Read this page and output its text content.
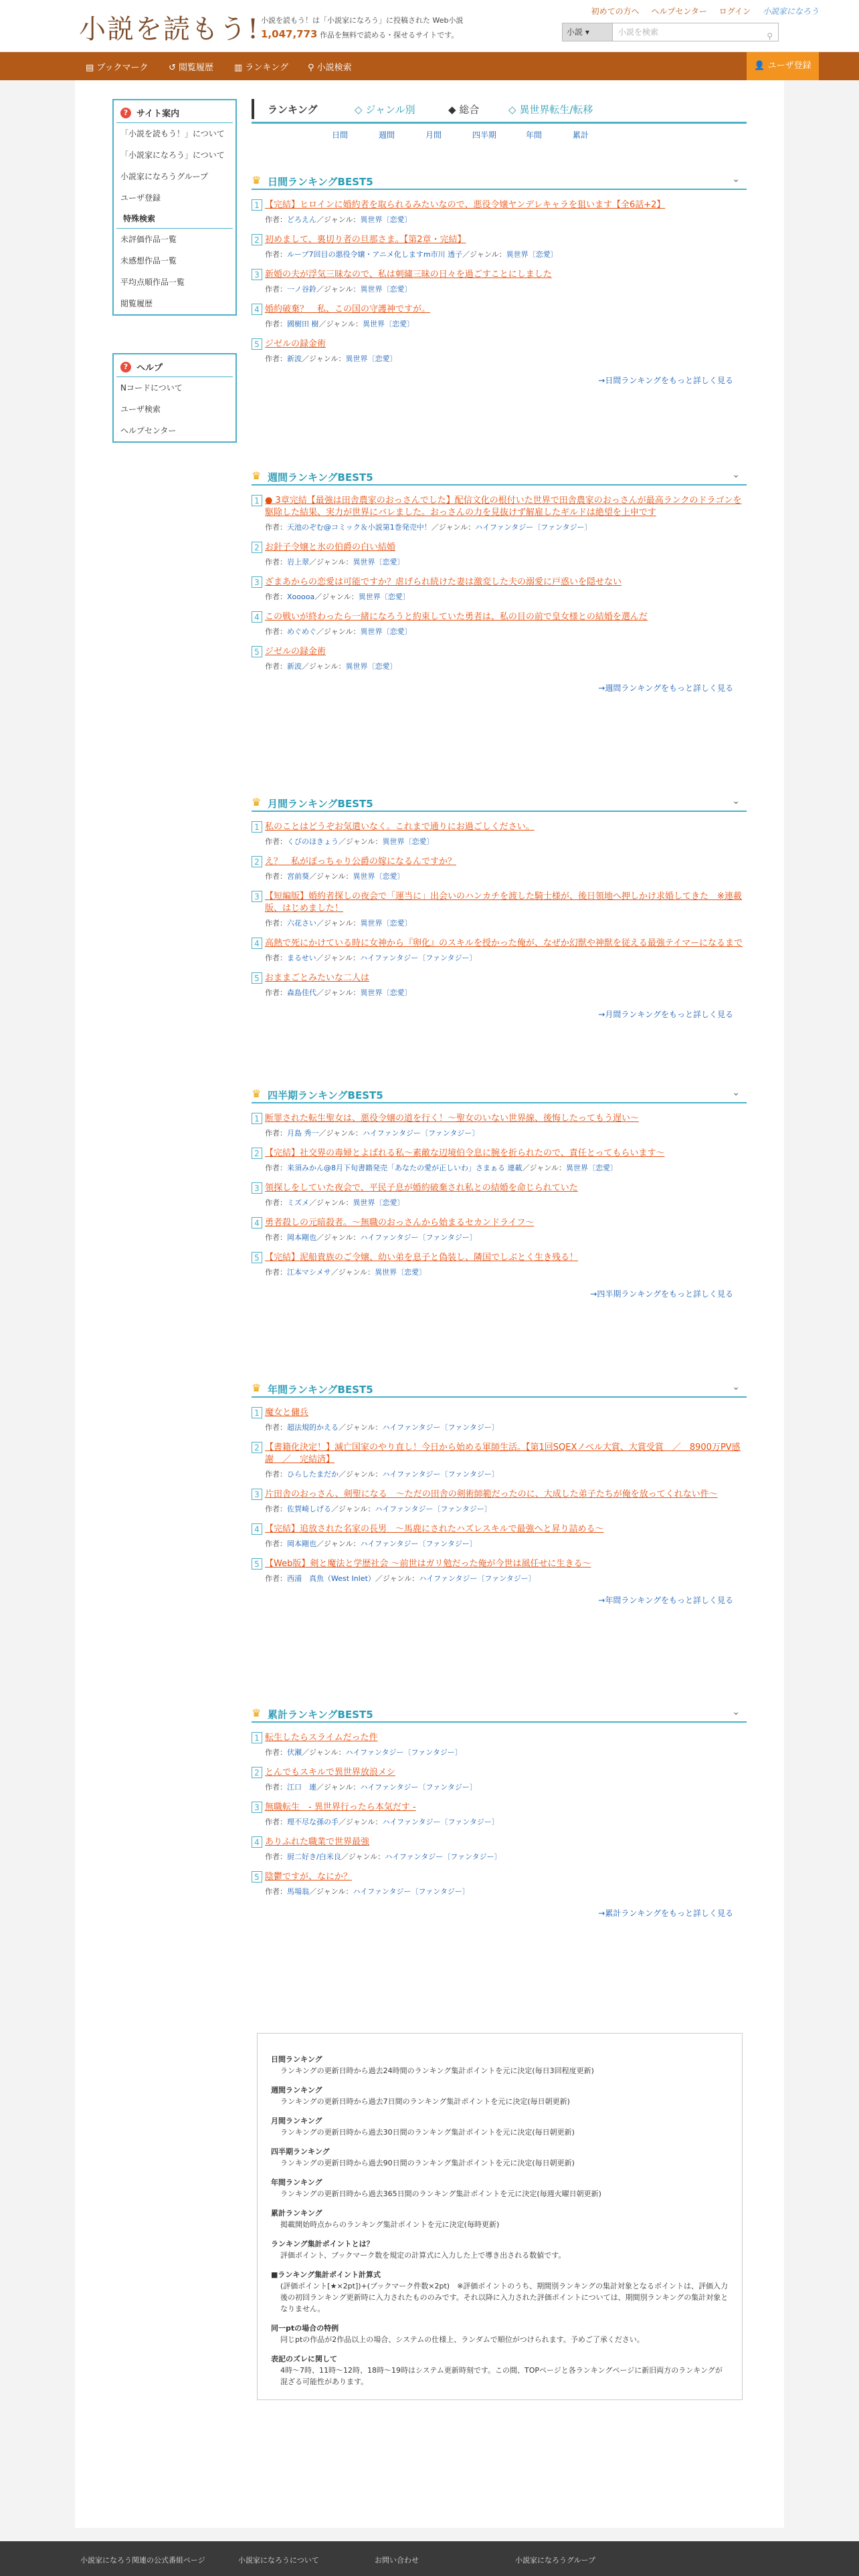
小説を読もう! 小説を読もう！は「小説家になろう」に投稿された Web小説
1,047,773 作品を無料で読める・探せるサイトです。
初めての方へ ヘルプセンター ログイン 小説家になろう
小説 ▾	小説を検索	⚲
▤ ブックマーク ↺ 閲覧履歴 ▥ ランキング ⚲ 小説検索	👤 ユーザ登録
? サイト案内
「小説を読もう！」について
「小説家になろう」について
小説家になろうグループ
ユーザ登録
特殊検索
未評価作品一覧
未感想作品一覧
平均点順作品一覧
閲覧履歴
? ヘルプ
Nコードについて
ユーザ検索
ヘルプセンター
ランキング	◇ ジャンル別	◆ 総合	◇ 異世界転生/転移
日間	週間	月間	四半期	年間	累計
♛ 日間ランキングBEST5	⌄
1 【完結】ヒロインに婚約者を取られるみたいなので、悪役令嬢ヤンデレキャラを狙います【全6話+2】
作者：どろえん／ジャンル：異世界〔恋愛〕
2 初めまして、裏切り者の旦那さま。【第2章・完結】
作者：ループ7回目の悪役令嬢・アニメ化しますm市川 透子／ジャンル：異世界〔恋愛〕
3 新婚の夫が浮気三昧なので、私は刺繍三昧の日々を過ごすことにしました
作者：一ノ谷鈴／ジャンル：異世界〔恋愛〕
4 婚約破棄？　私、この国の守護神ですが。
作者：國樹田 樹／ジャンル：異世界〔恋愛〕
5 ジゼルの録金術
作者：新波／ジャンル：異世界〔恋愛〕
→日間ランキングをもっと詳しく見る
♛ 週間ランキングBEST5	⌄
1 ● 3章完結【最強は田舎農家のおっさんでした】配信文化の根付いた世界で田舎農家のおっさんが最高ランクのドラゴンを駆除した結果、実力が世界にバレました。おっさんの力を見抜けず解雇したギルドは絶望を上申です
作者：天池のぞむ@コミック＆小説第1巻発売中！／ジャンル：ハイファンタジー〔ファンタジー〕
2 お針子令嬢と氷の伯爵の白い結婚
作者：岩上翠／ジャンル：異世界〔恋愛〕
3 ざまあからの恋愛は可能ですか？虐げられ続けた妻は激変した夫の溺愛に戸惑いを隠せない
作者：Xooooa／ジャンル：異世界〔恋愛〕
4 この戦いが終わったら一緒になろうと約束していた勇者は、私の目の前で皇女様との結婚を選んだ
作者：めぐめぐ／ジャンル：異世界〔恋愛〕
5 ジゼルの録金術
作者：新波／ジャンル：異世界〔恋愛〕
→週間ランキングをもっと詳しく見る
♛ 月間ランキングBEST5	⌄
1 私のことはどうぞお気遣いなく。これまで通りにお過ごしください。
作者：くびのほきょう／ジャンル：異世界〔恋愛〕
2 え？　私がぽっちゃり公爵の嫁になるんですか？
作者：宮前葵／ジャンル：異世界〔恋愛〕
3 【短編版】婚約者探しの夜会で「運当に」出会いのハンカチを渡した騎士様が、後日領地へ押しかけ求婚してきた　※連載版、はじめました！
作者：六花さい／ジャンル：異世界〔恋愛〕
4 高熱で死にかけている時に女神から『卵化』のスキルを授かった俺が、なぜか幻獣や神獣を従える最強テイマーになるまで
作者：まるせい／ジャンル：ハイファンタジー〔ファンタジー〕
5 おままごとみたいな二人は
作者：森島佳代／ジャンル：異世界〔恋愛〕
→月間ランキングをもっと詳しく見る
♛ 四半期ランキングBEST5	⌄
1 断罪された転生聖女は、悪役令嬢の道を行く！～聖女のいない世界線、後悔したってもう遅い～
作者：月島 秀一／ジャンル：ハイファンタジー〔ファンタジー〕
2 【完結】社交界の毒婦とよばれる私～素敵な辺境伯令息に腕を折られたので、責任とってもらいます～
作者：来須みかん@8月下旬書籍発売「あなたの愛が正しいわ」さまぁる 連載／ジャンル：異世界〔恋愛〕
3 領探しをしていた夜会で、平民子息が婚約破棄され私との結婚を命じられていた
作者：ミズメ／ジャンル：異世界〔恋愛〕
4 勇者殺しの元暗殺者。～無職のおっさんから始まるセカンドライフ～
作者：岡本剛也／ジャンル：ハイファンタジー〔ファンタジー〕
5 【完結】泥船貴族のご令嬢、幼い弟を息子と偽装し、隣国でしぶとく生き残る！
作者：江本マシメサ／ジャンル：異世界〔恋愛〕
→四半期ランキングをもっと詳しく見る
♛ 年間ランキングBEST5	⌄
1 魔女と傭兵
作者：超法規的かえる／ジャンル：ハイファンタジー〔ファンタジー〕
2 【書籍化決定！】滅亡国家のやり直し！今日から始める軍師生活。【第1回SQEXノベル大賞、大賞受賞　／　8900万PV感謝　／　完結済】
作者：ひらしたまだか／ジャンル：ハイファンタジー〔ファンタジー〕
3 片田舎のおっさん、剣聖になる　～ただの田舎の剣術師範だったのに、大成した弟子たちが俺を放ってくれない件～
作者：佐賀崎しげる／ジャンル：ハイファンタジー〔ファンタジー〕
4 【完結】追放された名家の長男　～馬鹿にされたハズレスキルで最強へと昇り詰める～
作者：岡本剛也／ジャンル：ハイファンタジー〔ファンタジー〕
5 【Web版】剣と魔法と学歴社会 ～前世はガリ勉だった俺が今世は風任せに生きる～
作者：西浦　真魚（West Inlet）／ジャンル：ハイファンタジー〔ファンタジー〕
→年間ランキングをもっと詳しく見る
♛ 累計ランキングBEST5	⌄
1 転生したらスライムだった件
作者：伏瀬／ジャンル：ハイファンタジー〔ファンタジー〕
2 とんでもスキルで異世界放浪メシ
作者：江口　連／ジャンル：ハイファンタジー〔ファンタジー〕
3 無職転生　- 異世界行ったら本気だす -
作者：理不尽な孫の手／ジャンル：ハイファンタジー〔ファンタジー〕
4 ありふれた職業で世界最強
作者：厨二好き/白米良／ジャンル：ハイファンタジー〔ファンタジー〕
5 陰鬱ですが、なにか？
作者：馬場翁／ジャンル：ハイファンタジー〔ファンタジー〕
→累計ランキングをもっと詳しく見る
日間ランキング
ランキングの更新日時から過去24時間のランキング集計ポイントを元に決定(毎日3回程度更新)
週間ランキング
ランキングの更新日時から過去7日間のランキング集計ポイントを元に決定(毎日朝更新)
月間ランキング
ランキングの更新日時から過去30日間のランキング集計ポイントを元に決定(毎日朝更新)
四半期ランキング
ランキングの更新日時から過去90日間のランキング集計ポイントを元に決定(毎日朝更新)
年間ランキング
ランキングの更新日時から過去365日間のランキング集計ポイントを元に決定(毎週火曜日朝更新)
累計ランキング
掲載開始時点からのランキング集計ポイントを元に決定(毎時更新)
ランキング集計ポイントとは？
評価ポイント、ブックマーク数を規定の計算式に入力した上で導き出される数値です。
■ランキング集計ポイント計算式
(評価ポイント[★×2pt])+(ブックマーク件数×2pt)　※評価ポイントのうち、期間別ランキングの集計対象となるポイントは、評価入力後の初回ランキング更新時に入力されたもののみです。それ以降に入力された評価ポイントについては、期間別ランキングの集計対象となりません。
同一ptの場合の特例
同じptの作品が2作品以上の場合、システムの仕様上、ランダムで順位がつけられます。予めご了承ください。
表記のズレに関して
4時～7時、11時～12時、18時～19時はシステム更新時刻です。この間、TOPページと各ランキングページに新旧両方のランキングが混ざる可能性があります。
小説家になろう関連の公式番組ページ	小説家になろうについて	お問い合わせ	小説家になろうグループ
